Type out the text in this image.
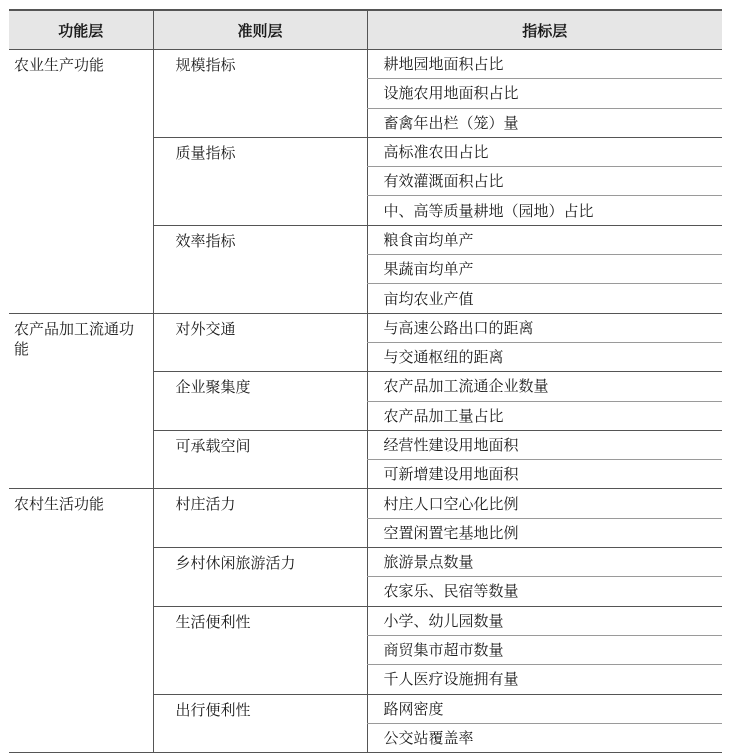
功能层	准则层	指标层
农业生产功能	规模指标	耕地园地面积占比
		设施农用地面积占比
		畜禽年出栏（笼）量
	质量指标	高标准农田占比
		有效灌溉面积占比
		中、高等质量耕地（园地）占比
	效率指标	粮食亩均单产
		果蔬亩均单产
		亩均农业产值
农产品加工流通功能	对外交通	与高速公路出口的距离
		与交通枢纽的距离
	企业聚集度	农产品加工流通企业数量
		农产品加工量占比
	可承载空间	经营性建设用地面积
		可新增建设用地面积
农村生活功能	村庄活力	村庄人口空心化比例
		空置闲置宅基地比例
	乡村休闲旅游活力	旅游景点数量
		农家乐、民宿等数量
	生活便利性	小学、幼儿园数量
		商贸集市超市数量
		千人医疗设施拥有量
	出行便利性	路网密度
		公交站覆盖率
